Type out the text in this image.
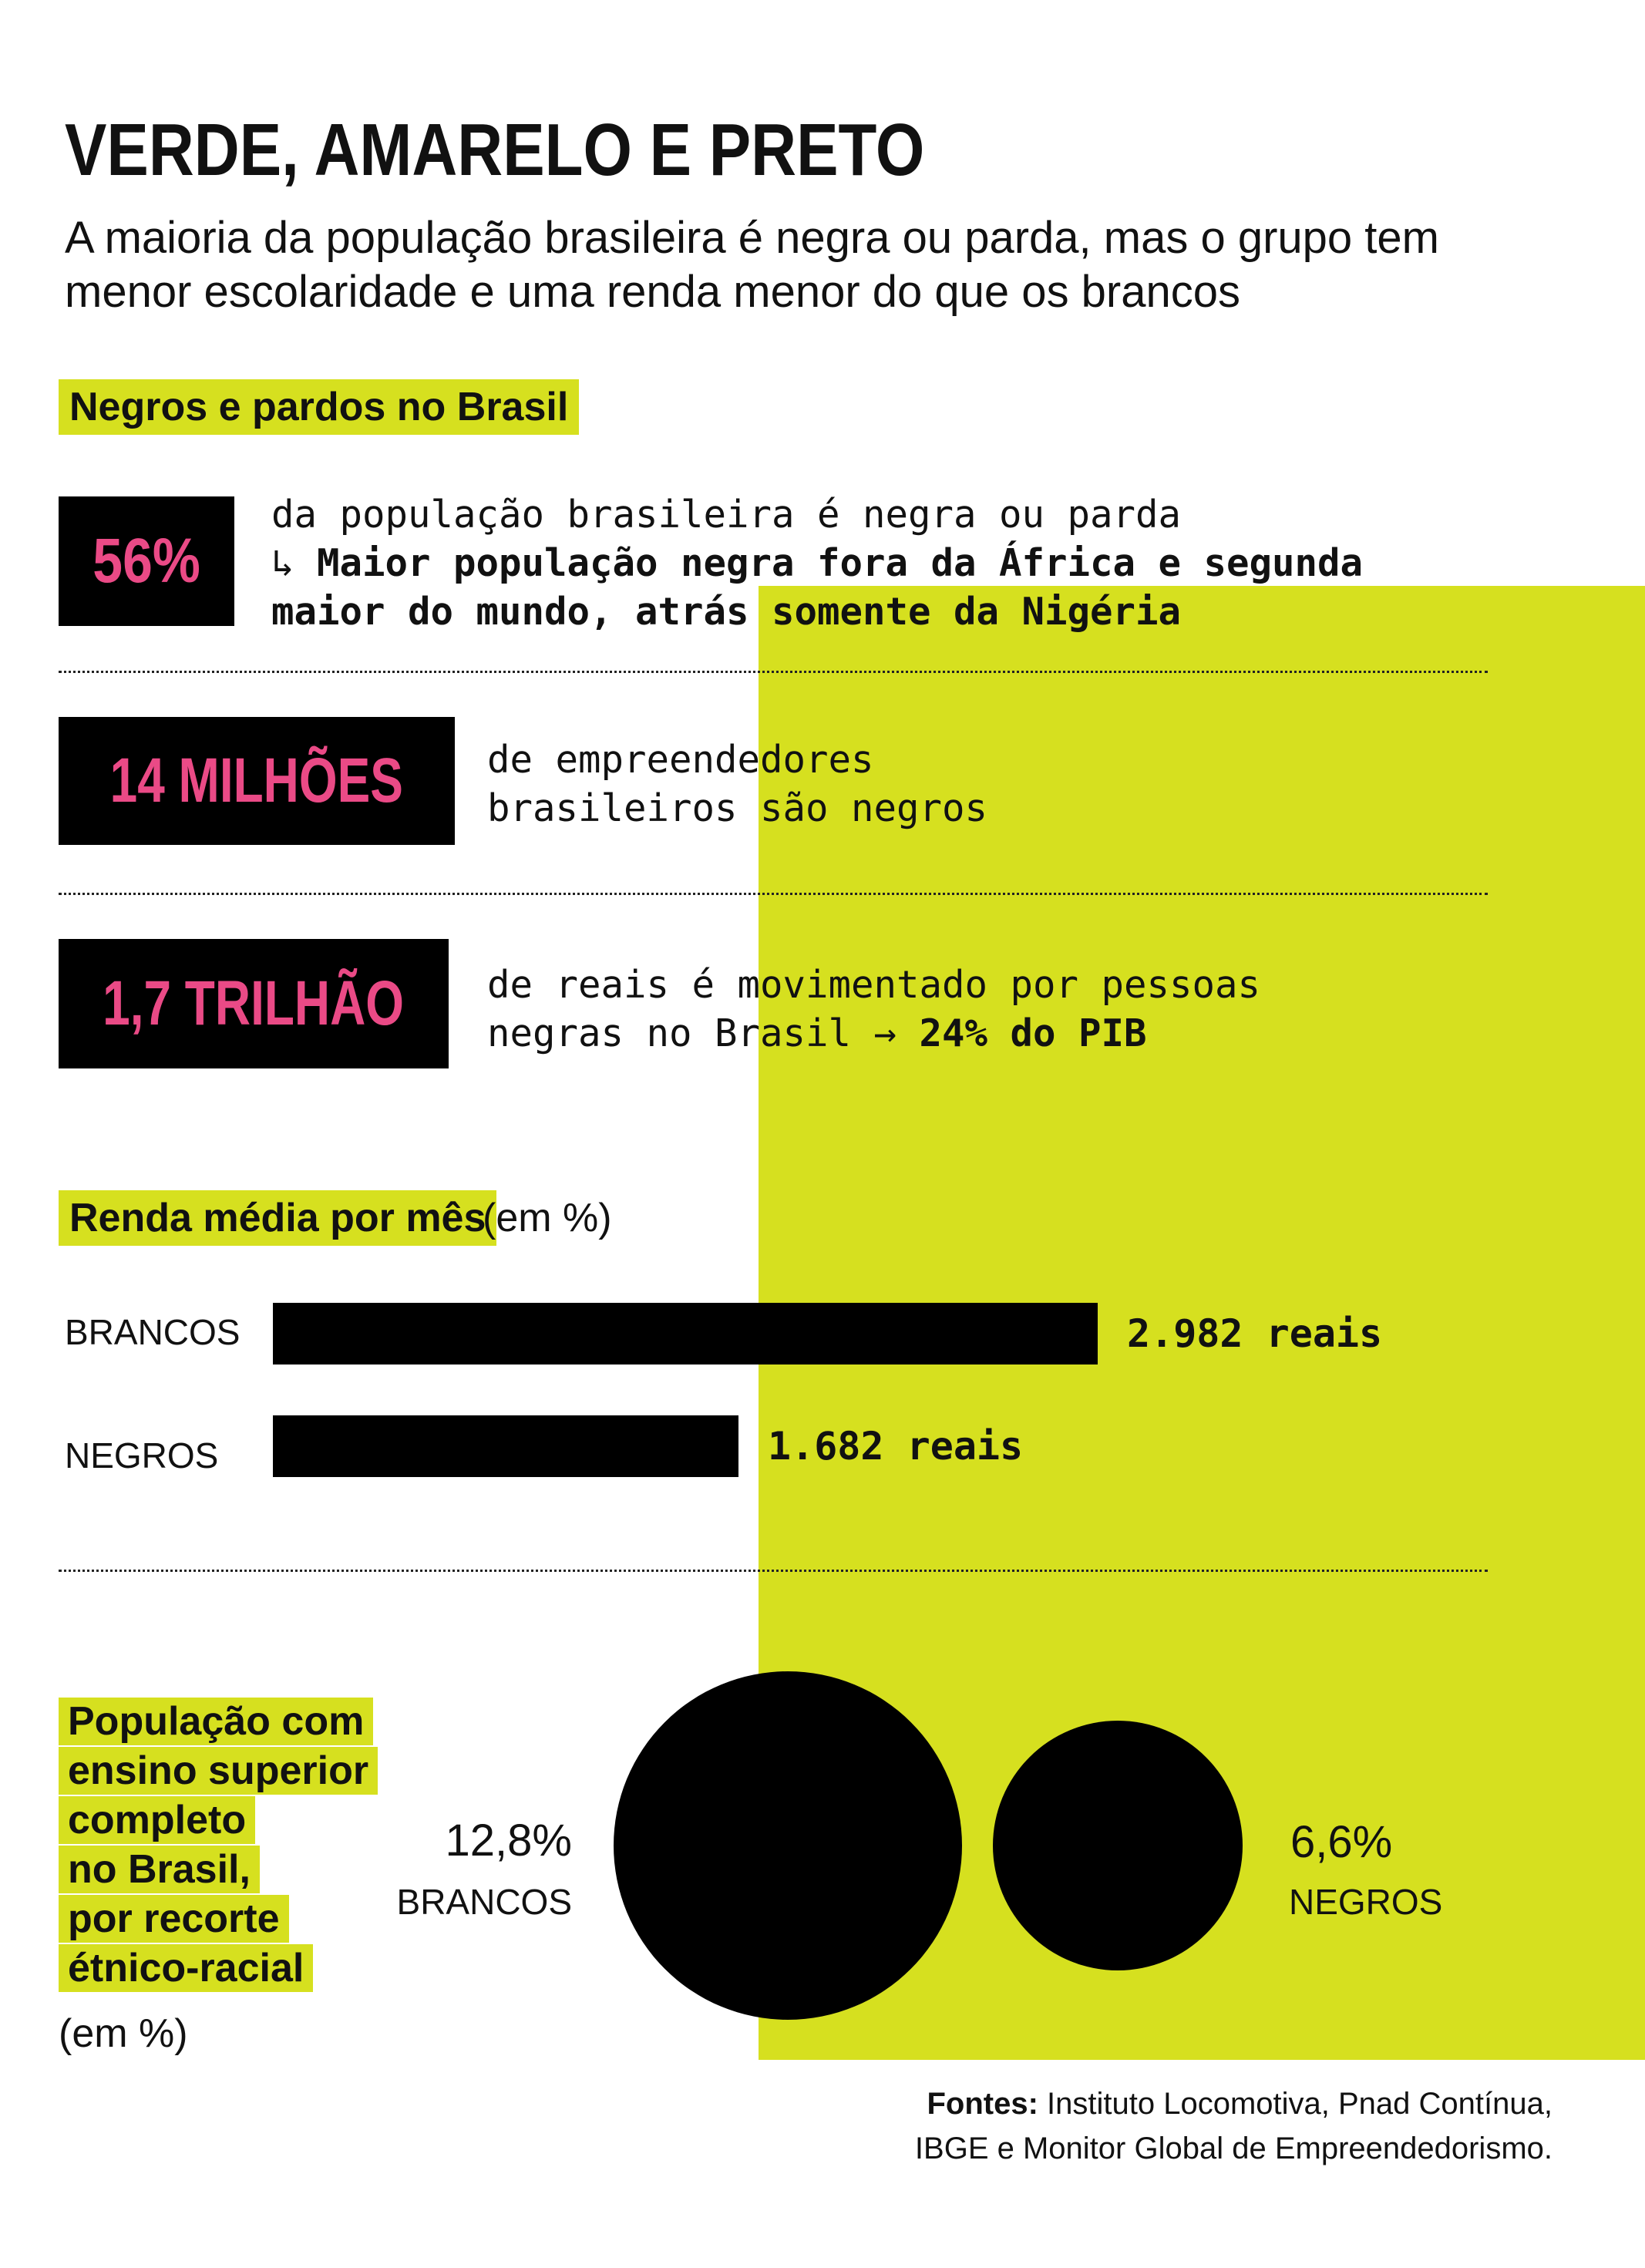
VERDE, AMARELO E PRETO
A maioria da população brasileira é negra ou parda, mas o grupo tem menor escolaridade e uma renda menor do que os brancos
Negros e pardos no Brasil
56%
da população brasileira é negra ou parda
↳ Maior população negra fora da África e segunda maior do mundo, atrás somente da Nigéria
14 MILHÕES de empreendedores
brasileiros são negros
1,7 TRILHÃO de reais é movimentado por pessoas
negras no Brasil → 24% do PIB
Renda média por mês
(em %)
BRANCOS	2.982 reais
NEGROS	1.682 reais
População com
ensino superior
completo
no Brasil,
por recorte
étnico-racial
(em %)
12,8%
BRANCOS
6,6%
NEGROS
Fontes: Instituto Locomotiva, Pnad Contínua,
IBGE e Monitor Global de Empreendedorismo.
